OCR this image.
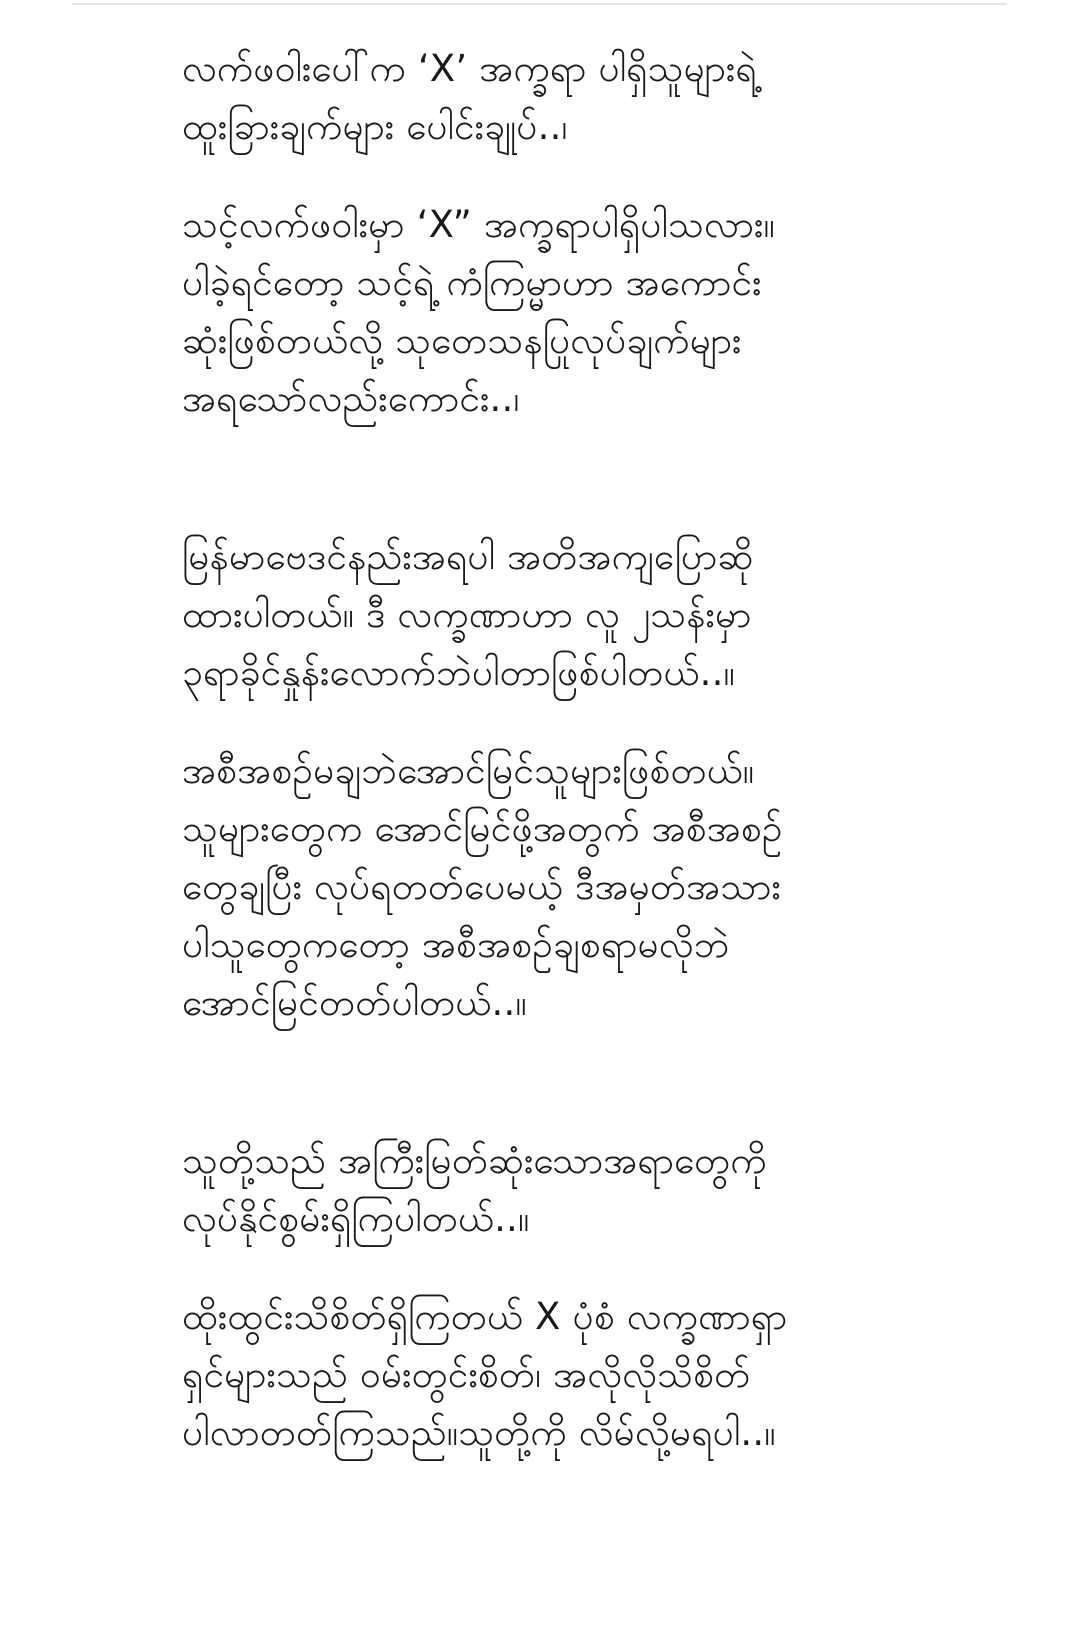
လက်ဖဝါးပေါ်က ‘X’ အက္ခရာ ပါရှိသူများရဲ့
ထူးခြားချက်များ ပေါင်းချုပ်..၊
သင့်လက်ဖဝါးမှာ ‘X” အက္ခရာပါရှိပါသလား။
ပါခဲ့ရင်တော့ သင့်ရဲ့ ကံကြမ္မာဟာ အကောင်း
ဆုံးဖြစ်တယ်လို့ သုတေသနပြုလုပ်ချက်များ
အရသော်လည်းကောင်း..၊
မြန်မာဗေဒင်နည်းအရပါ အတိအကျပြောဆို
ထားပါတယ်။ ဒီ လက္ခဏာဟာ လူ ၂သန်းမှာ
၃ရာခိုင်နှုန်းလောက်ဘဲပါတာဖြစ်ပါတယ်..။
အစီအစဉ်မချဘဲအောင်မြင်သူများဖြစ်တယ်။
သူများတွေက အောင်မြင်ဖို့အတွက် အစီအစဉ်
တွေချပြီး လုပ်ရတတ်ပေမယ့် ဒီအမှတ်အသား
ပါသူတွေကတော့ အစီအစဉ်ချစရာမလိုဘဲ
အောင်မြင်တတ်ပါတယ်..။
သူတို့သည် အကြီးမြတ်ဆုံးသောအရာတွေကို
လုပ်နိုင်စွမ်းရှိကြပါတယ်..။
ထိုးထွင်းသိစိတ်ရှိကြတယ် X ပုံစံ လက္ခဏာရှာ
ရှင်များသည် ဝမ်းတွင်းစိတ်၊ အလိုလိုသိစိတ်
ပါလာတတ်ကြသည်။သူတို့ကို လိမ်လို့မရပါ..။
